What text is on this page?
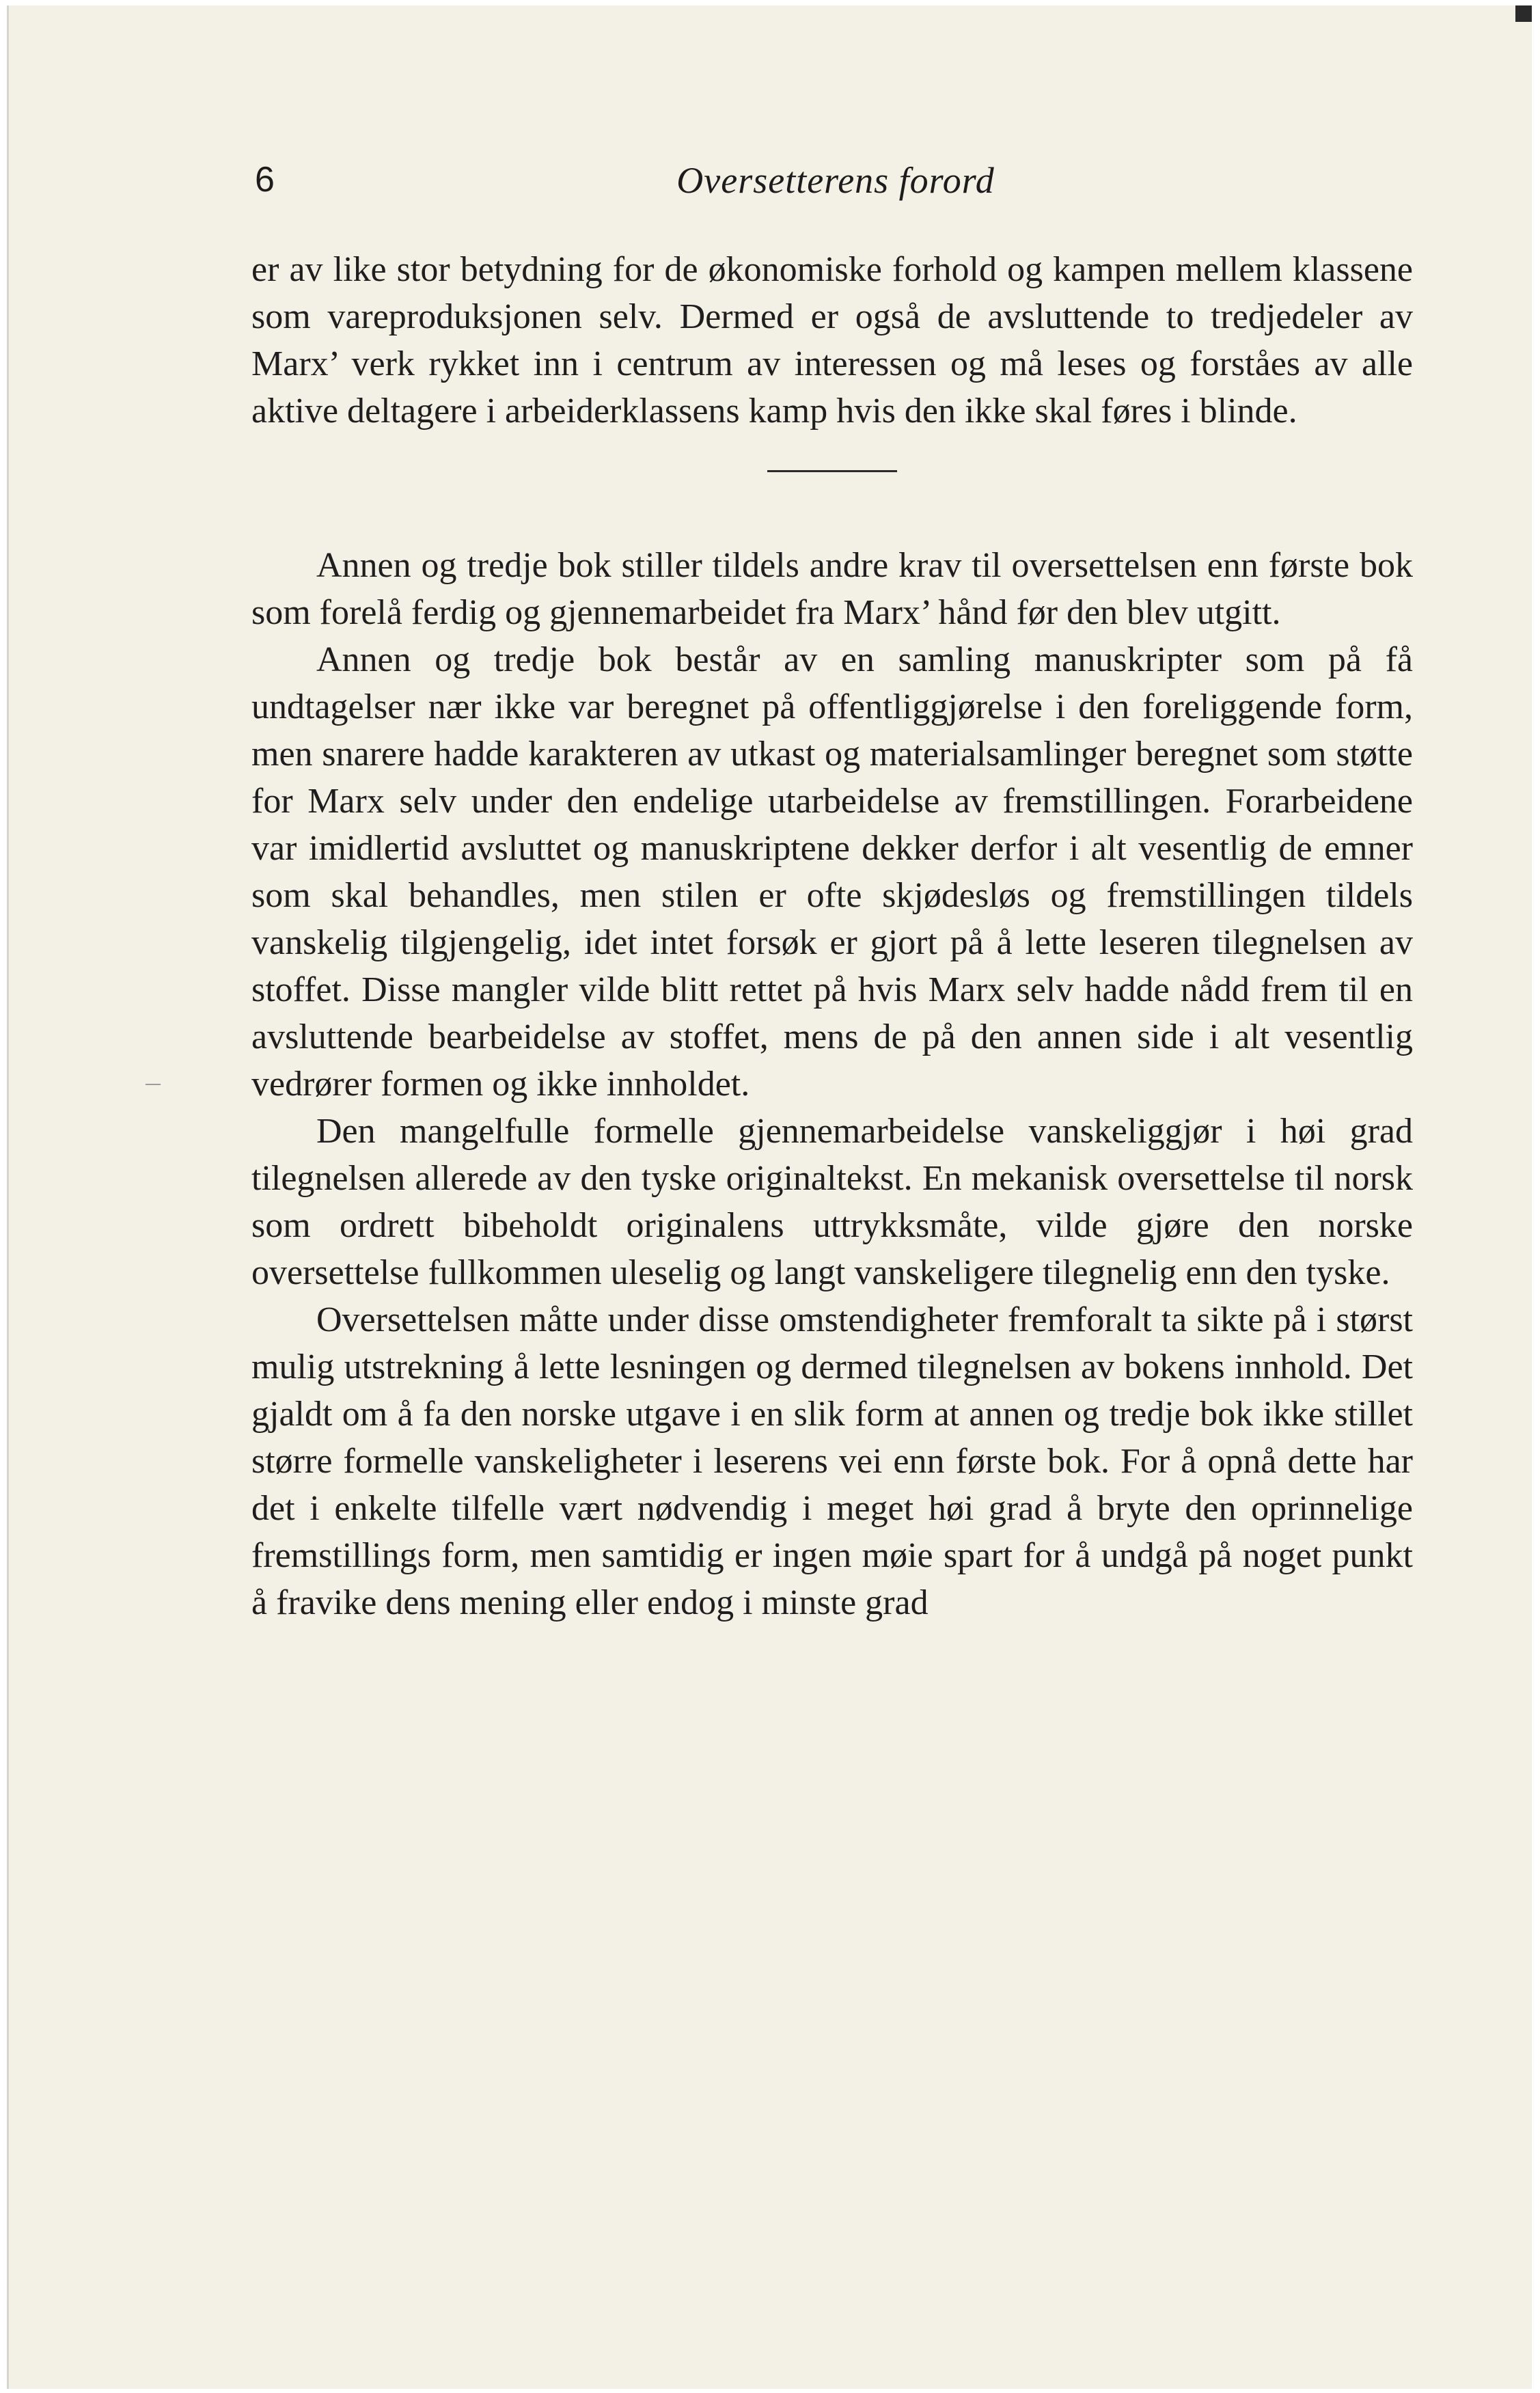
6	Oversetterens forord

er av like stor betydning for de økonomiske forhold og kampen mellem klassene som vareproduksjonen selv. Dermed er også de avsluttende to tredjedeler av Marx’ verk rykket inn i centrum av interessen og må leses og forståes av alle aktive deltagere i arbeiderklassens kamp hvis den ikke skal føres i blinde.

Annen og tredje bok stiller tildels andre krav til oversettelsen enn første bok som forelå ferdig og gjennemarbeidet fra Marx’ hånd før den blev utgitt.

Annen og tredje bok består av en samling manuskripter som på få undtagelser nær ikke var beregnet på offentliggjørelse i den foreliggende form, men snarere hadde karakteren av utkast og materialsamlinger beregnet som støtte for Marx selv under den endelige utarbeidelse av fremstillingen. Forarbeidene var imidlertid avsluttet og manuskriptene dekker derfor i alt vesentlig de emner som skal behandles, men stilen er ofte skjødesløs og fremstillingen tildels vanskelig tilgjengelig, idet intet forsøk er gjort på å lette leseren tilegnelsen av stoffet. Disse mangler vilde blitt rettet på hvis Marx selv hadde nådd frem til en avsluttende bearbeidelse av stoffet, mens de på den annen side i alt vesentlig vedrører formen og ikke innholdet.

Den mangelfulle formelle gjennemarbeidelse vanskeliggjør i høi grad tilegnelsen allerede av den tyske originaltekst. En mekanisk oversettelse til norsk som ordrett bibeholdt originalens uttrykksmåte, vilde gjøre den norske oversettelse fullkommen uleselig og langt vanskeligere tilegnelig enn den tyske.

Oversettelsen måtte under disse omstendigheter fremforalt ta sikte på i størst mulig utstrekning å lette lesningen og dermed tilegnelsen av bokens innhold. Det gjaldt om å fa den norske utgave i en slik form at annen og tredje bok ikke stillet større formelle vanskeligheter i leserens vei enn første bok. For å opnå dette har det i enkelte tilfelle vært nødvendig i meget høi grad å bryte den oprinnelige fremstillings form, men samtidig er ingen møie spart for å undgå på noget punkt å fravike dens mening eller endog i minste grad
